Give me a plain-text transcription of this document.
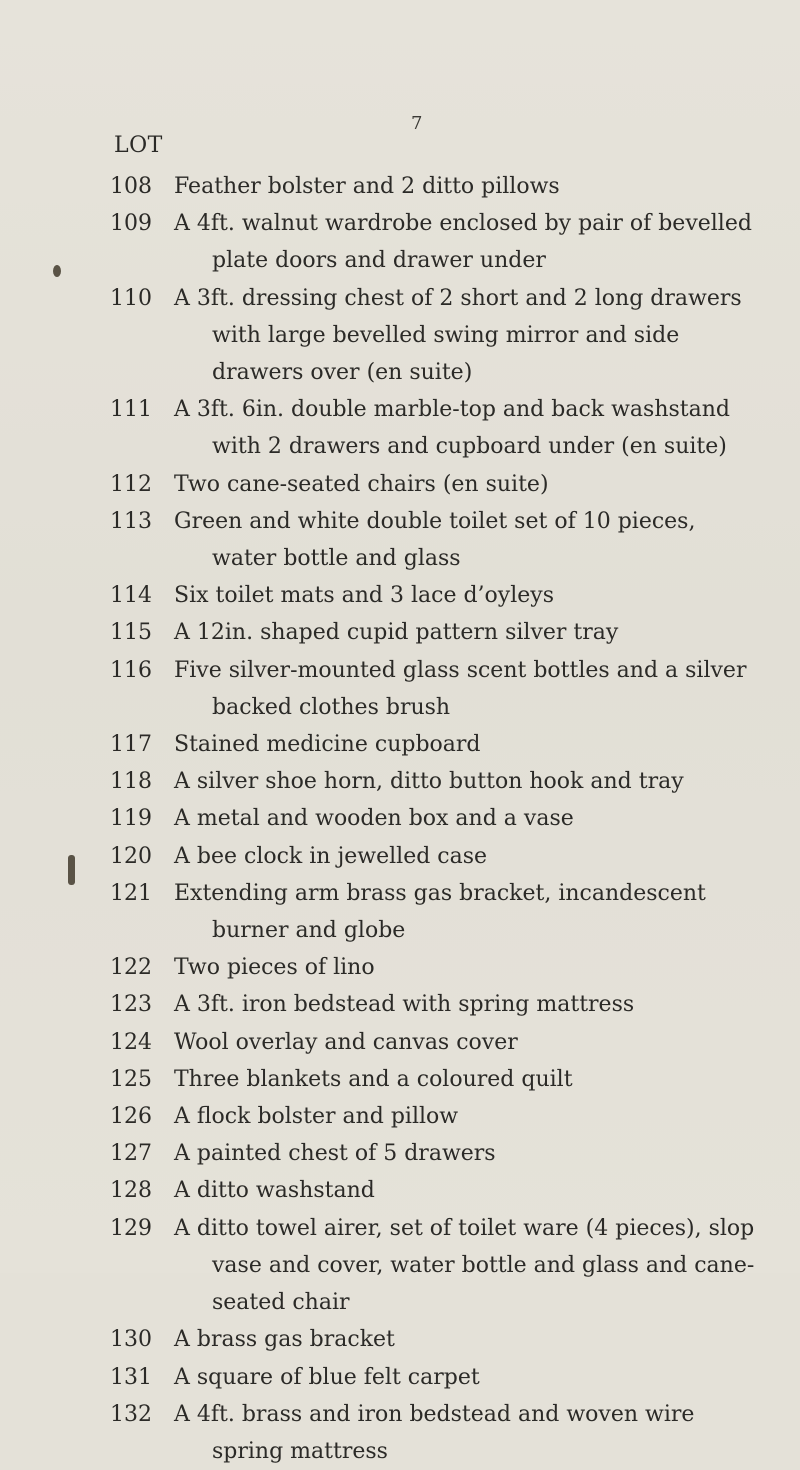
7
LOT
108	Feather bolster and 2 ditto pillows
109	A 4ft. walnut wardrobe enclosed by pair of bevelled
plate doors and drawer under
110	A 3ft. dressing chest of 2 short and 2 long drawers
with large bevelled swing mirror and side
drawers over (en suite)
111	A 3ft. 6in. double marble-top and back washstand
with 2 drawers and cupboard under (en suite)
112	Two cane-seated chairs (en suite)
113	Green and white double toilet set of 10 pieces,
water bottle and glass
114	Six toilet mats and 3 lace d’oyleys
115	A 12in. shaped cupid pattern silver tray
116	Five silver-mounted glass scent bottles and a silver
backed clothes brush
117	Stained medicine cupboard
118	A silver shoe horn, ditto button hook and tray
119	A metal and wooden box and a vase
120	A bee clock in jewelled case
121	Extending arm brass gas bracket, incandescent
burner and globe
122	Two pieces of lino
123	A 3ft. iron bedstead with spring mattress
124	Wool overlay and canvas cover
125	Three blankets and a coloured quilt
126	A flock bolster and pillow
127	A painted chest of 5 drawers
128	A ditto washstand
129	A ditto towel airer, set of toilet ware (4 pieces), slop
vase and cover, water bottle and glass and cane-
seated chair
130	A brass gas bracket
131	A square of blue felt carpet
132	A 4ft. brass and iron bedstead and woven wire
spring mattress
